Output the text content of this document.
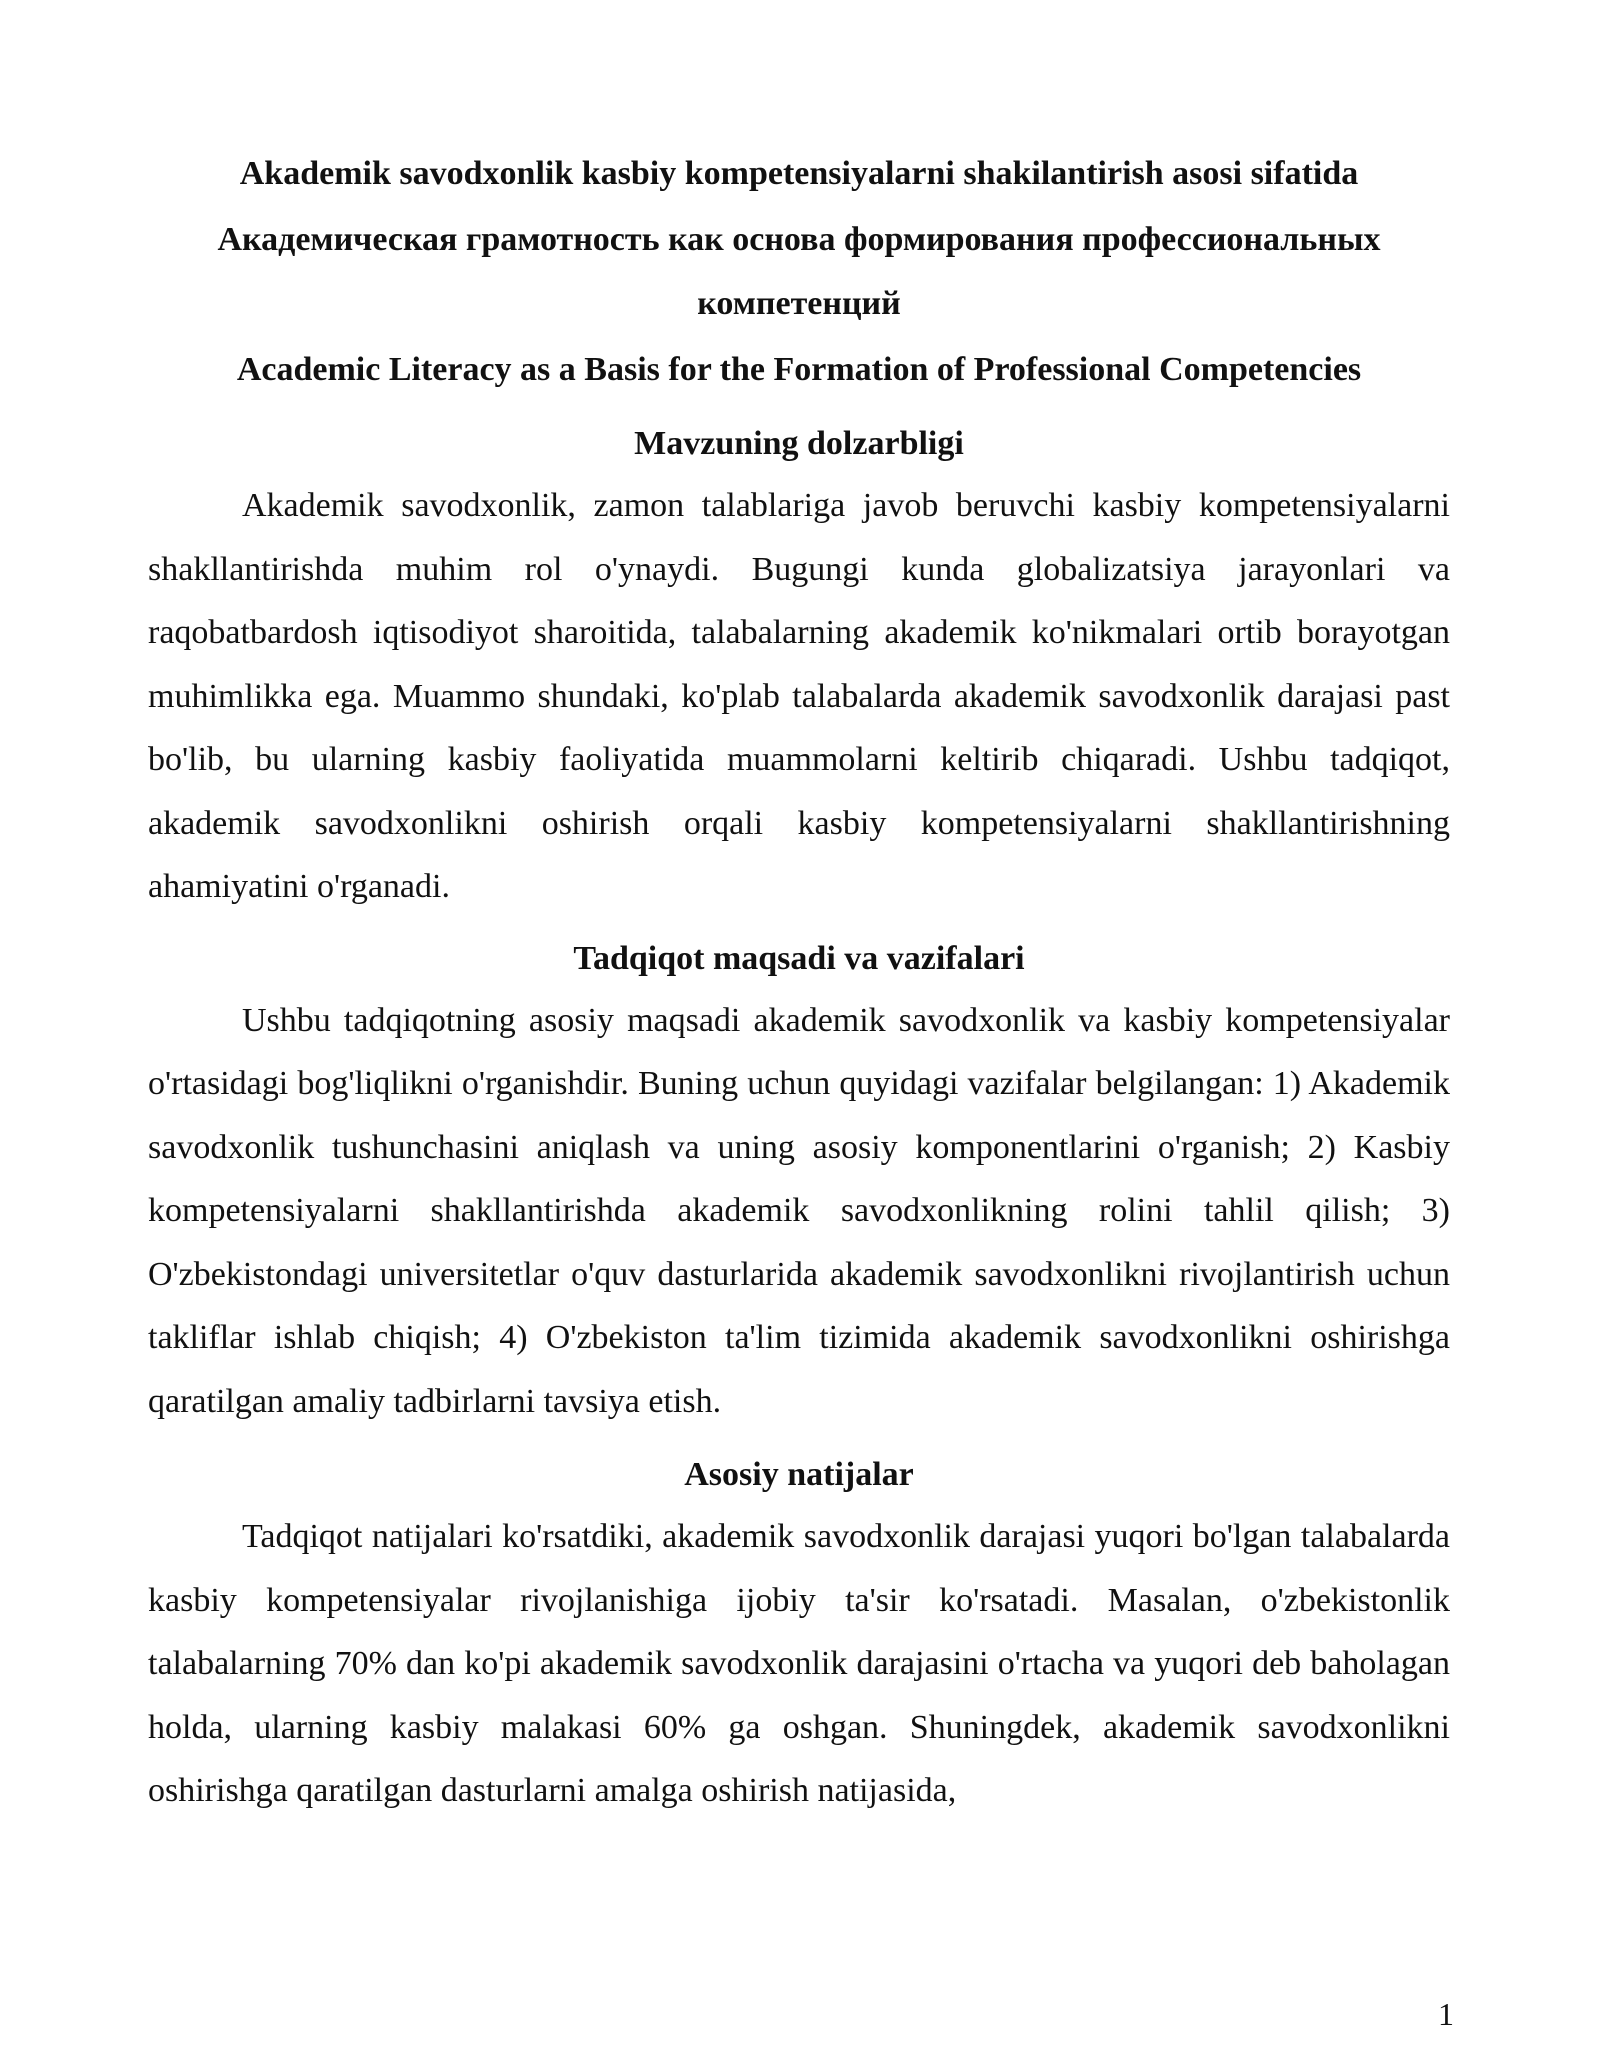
Akademik savodxonlik kasbiy kompetensiyalarni shakilantirish asosi sifatida

Академическая грамотность как основа формирования профессиональных компетенций

Academic Literacy as a Basis for the Formation of Professional Competencies

Mavzuning dolzarbligi

Akademik savodxonlik, zamon talablariga javob beruvchi kasbiy kompetensiyalarni shakllantirishda muhim rol o'ynaydi. Bugungi kunda globalizatsiya jarayonlari va raqobatbardosh iqtisodiyot sharoitida, talabalarning akademik ko'nikmalari ortib borayotgan muhimlikka ega. Muammo shundaki, ko'plab talabalarda akademik savodxonlik darajasi past bo'lib, bu ularning kasbiy faoliyatida muammolarni keltirib chiqaradi. Ushbu tadqiqot, akademik savodxonlikni oshirish orqali kasbiy kompetensiyalarni shakllantirishning ahamiyatini o'rganadi.

Tadqiqot maqsadi va vazifalari

Ushbu tadqiqotning asosiy maqsadi akademik savodxonlik va kasbiy kompetensiyalar o'rtasidagi bog'liqlikni o'rganishdir. Buning uchun quyidagi vazifalar belgilangan: 1) Akademik savodxonlik tushunchasini aniqlash va uning asosiy komponentlarini o'rganish; 2) Kasbiy kompetensiyalarni shakllantirishda akademik savodxonlikning rolini tahlil qilish; 3) O'zbekistondagi universitetlar o'quv dasturlarida akademik savodxonlikni rivojlantirish uchun takliflar ishlab chiqish; 4) O'zbekiston ta'lim tizimida akademik savodxonlikni oshirishga qaratilgan amaliy tadbirlarni tavsiya etish.

Asosiy natijalar

Tadqiqot natijalari ko'rsatdiki, akademik savodxonlik darajasi yuqori bo'lgan talabalarda kasbiy kompetensiyalar rivojlanishiga ijobiy ta'sir ko'rsatadi. Masalan, o'zbekistonlik talabalarning 70% dan ko'pi akademik savodxonlik darajasini o'rtacha va yuqori deb baholagan holda, ularning kasbiy malakasi 60% ga oshgan. Shuningdek, akademik savodxonlikni oshirishga qaratilgan dasturlarni amalga oshirish natijasida,

1
